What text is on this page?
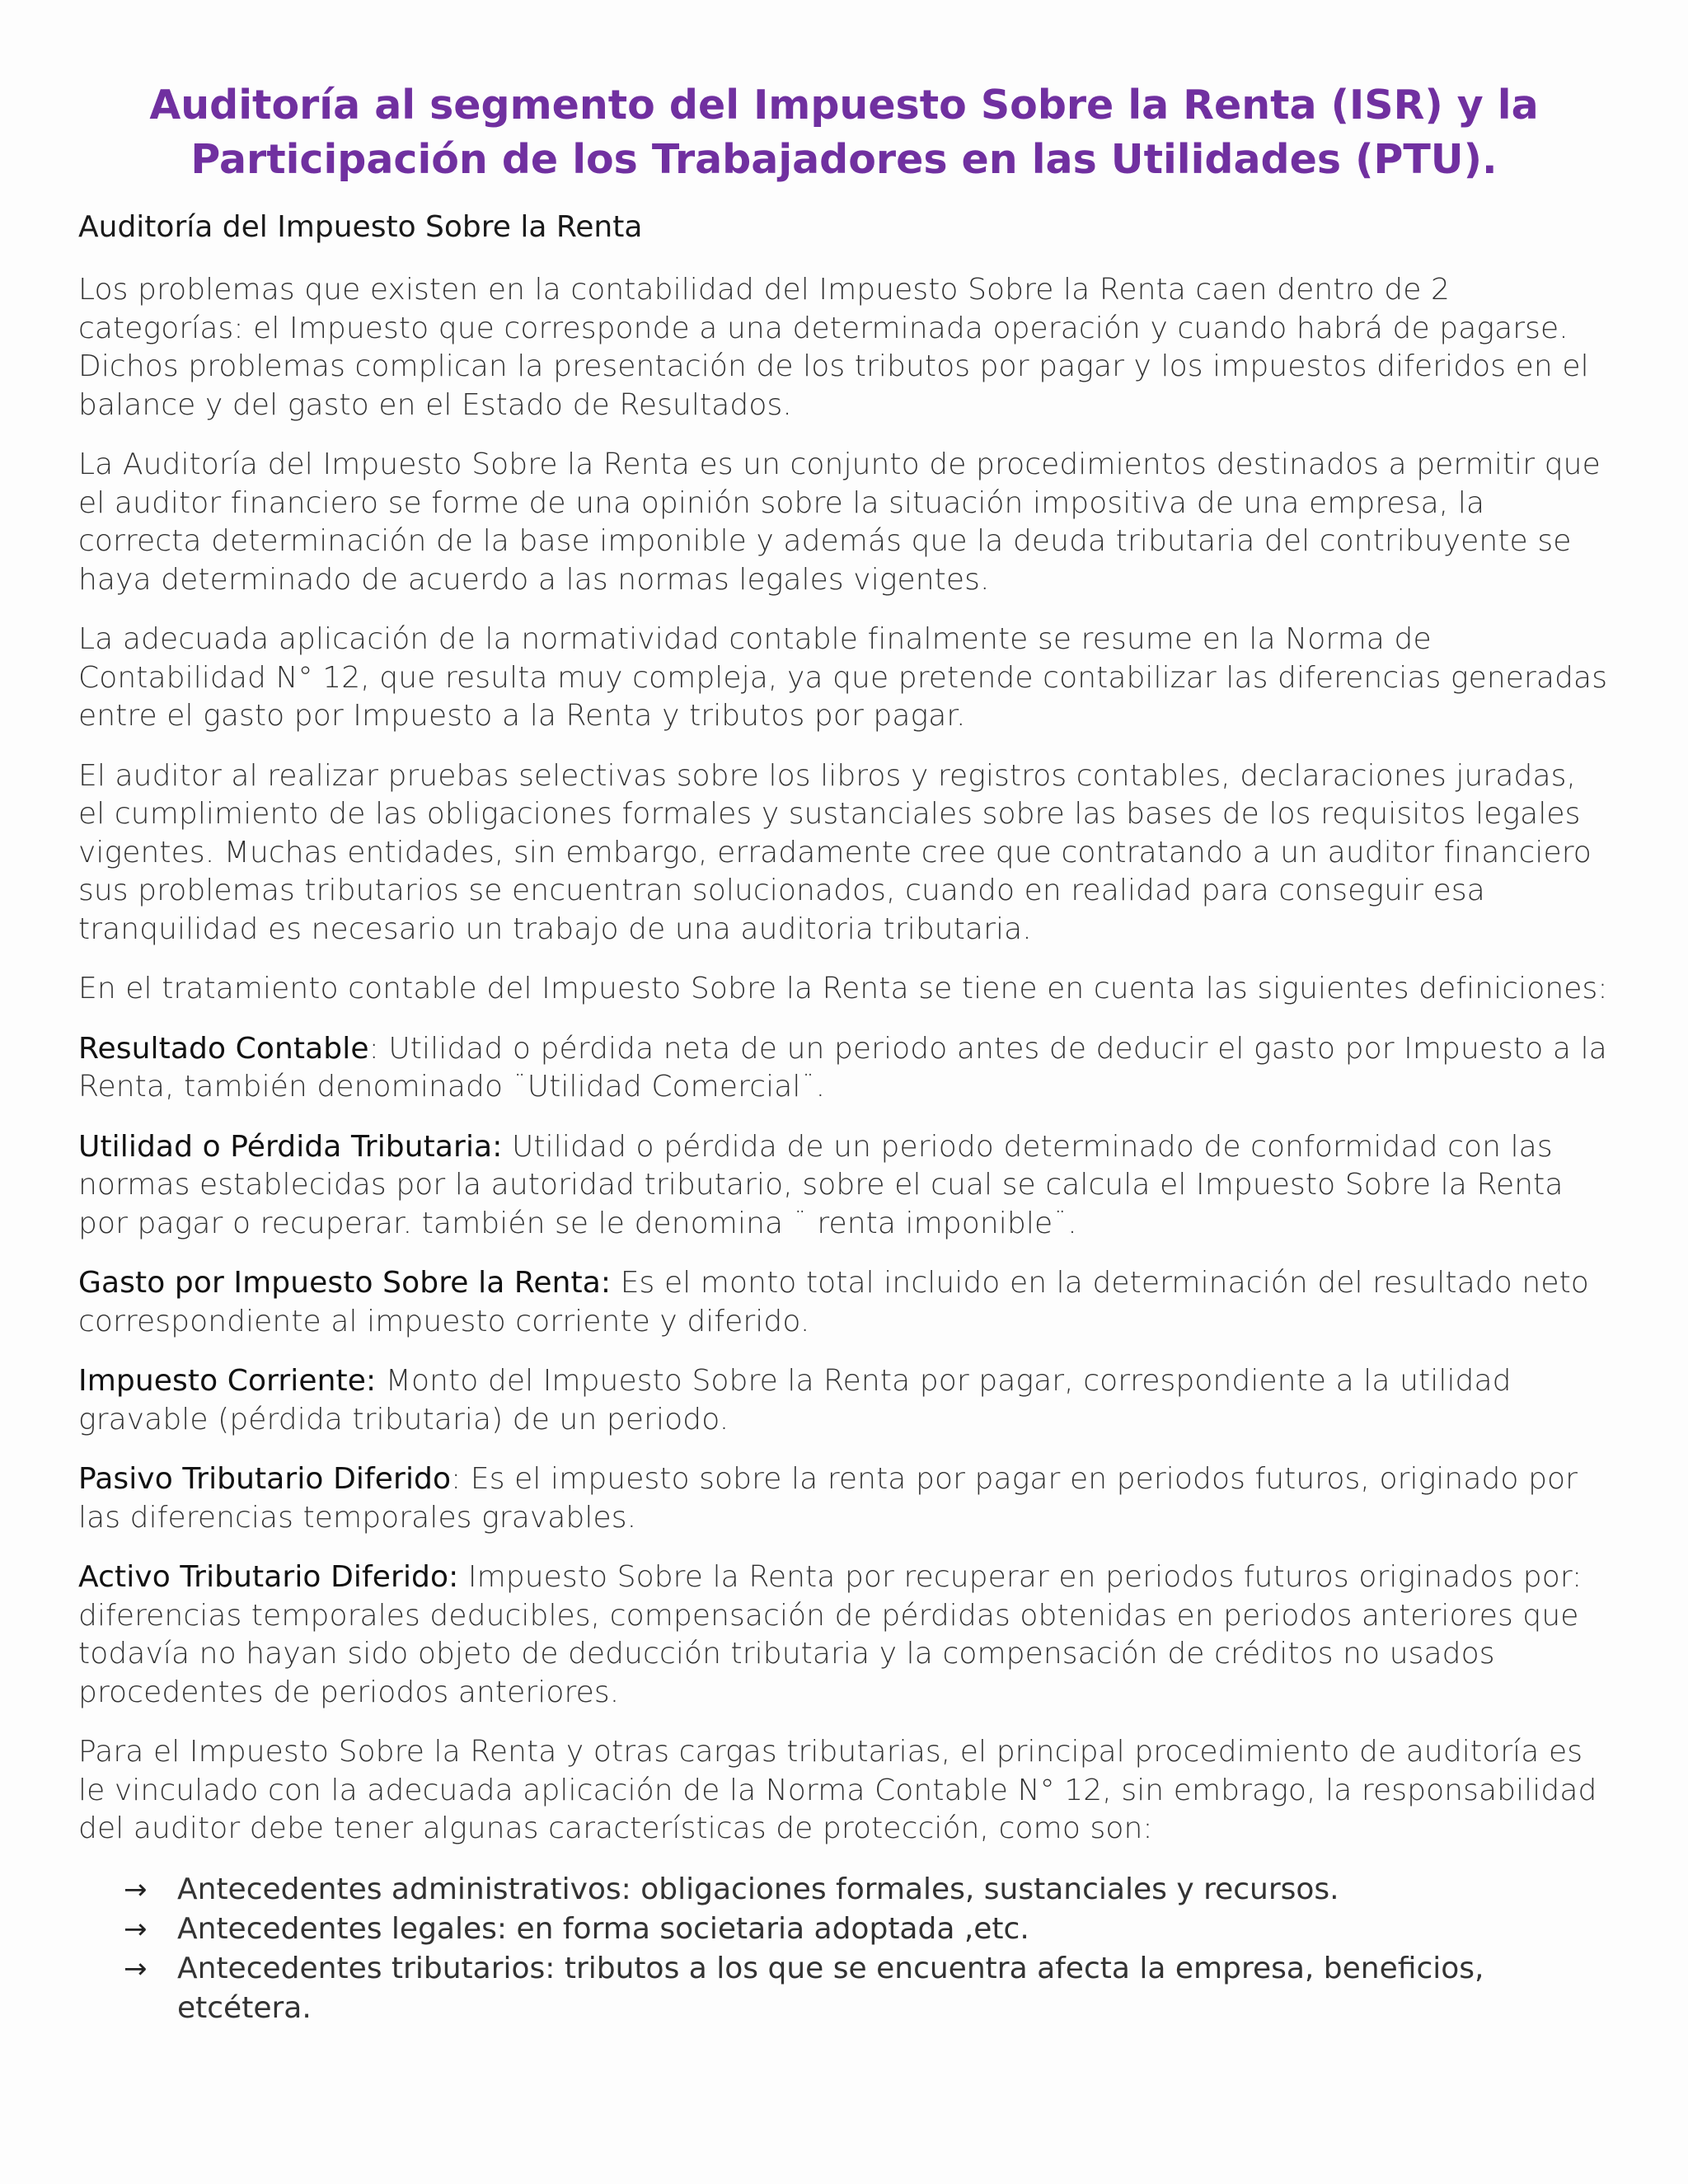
Auditoría al segmento del Impuesto Sobre la Renta (ISR) y la
Participación de los Trabajadores en las Utilidades (PTU).
Auditoría del Impuesto Sobre la Renta

Los problemas que existen en la contabilidad del Impuesto Sobre la Renta caen dentro de 2 categorías: el Impuesto que corresponde a una determinada operación y cuando habrá de pagarse. Dichos problemas complican la presentación de los tributos por pagar y los impuestos diferidos en el balance y del gasto en el Estado de Resultados.

La Auditoría del Impuesto Sobre la Renta es un conjunto de procedimientos destinados a permitir que el auditor financiero se forme de una opinión sobre la situación impositiva de una empresa, la correcta determinación de la base imponible y además que la deuda tributaria del contribuyente se haya determinado de acuerdo a las normas legales vigentes.

La adecuada aplicación de la normatividad contable finalmente se resume en la Norma de Contabilidad N° 12, que resulta muy compleja, ya que pretende contabilizar las diferencias generadas entre el gasto por Impuesto a la Renta y tributos por pagar.

El auditor al realizar pruebas selectivas sobre los libros y registros contables, declaraciones juradas, el cumplimiento de las obligaciones formales y sustanciales sobre las bases de los requisitos legales vigentes. Muchas entidades, sin embargo, erradamente cree que contratando a un auditor financiero sus problemas tributarios se encuentran solucionados, cuando en realidad para conseguir esa tranquilidad es necesario un trabajo de una auditoria tributaria.

En el tratamiento contable del Impuesto Sobre la Renta se tiene en cuenta las siguientes definiciones:

Resultado Contable: Utilidad o pérdida neta de un periodo antes de deducir el gasto por Impuesto a la Renta, también denominado ¨Utilidad Comercial¨.

Utilidad o Pérdida Tributaria: Utilidad o pérdida de un periodo determinado de conformidad con las normas establecidas por la autoridad tributario, sobre el cual se calcula el Impuesto Sobre la Renta por pagar o recuperar. también se le denomina ¨ renta imponible¨.

Gasto por Impuesto Sobre la Renta: Es el monto total incluido en la determinación del resultado neto correspondiente al impuesto corriente y diferido.

Impuesto Corriente: Monto del Impuesto Sobre la Renta por pagar, correspondiente a la utilidad gravable (pérdida tributaria) de un periodo.

Pasivo Tributario Diferido: Es el impuesto sobre la renta por pagar en periodos futuros, originado por las diferencias temporales gravables.

Activo Tributario Diferido: Impuesto Sobre la Renta por recuperar en periodos futuros originados por: diferencias temporales deducibles, compensación de pérdidas obtenidas en periodos anteriores que todavía no hayan sido objeto de deducción tributaria y la compensación de créditos no usados procedentes de periodos anteriores.

Para el Impuesto Sobre la Renta y otras cargas tributarias, el principal procedimiento de auditoría es le vinculado con la adecuada aplicación de la Norma Contable N° 12, sin embrago, la responsabilidad del auditor debe tener algunas características de protección, como son:

→ Antecedentes administrativos: obligaciones formales, sustanciales y recursos.
→ Antecedentes legales: en forma societaria adoptada ,etc.
→ Antecedentes tributarios: tributos a los que se encuentra afecta la empresa, beneficios, etcétera.
